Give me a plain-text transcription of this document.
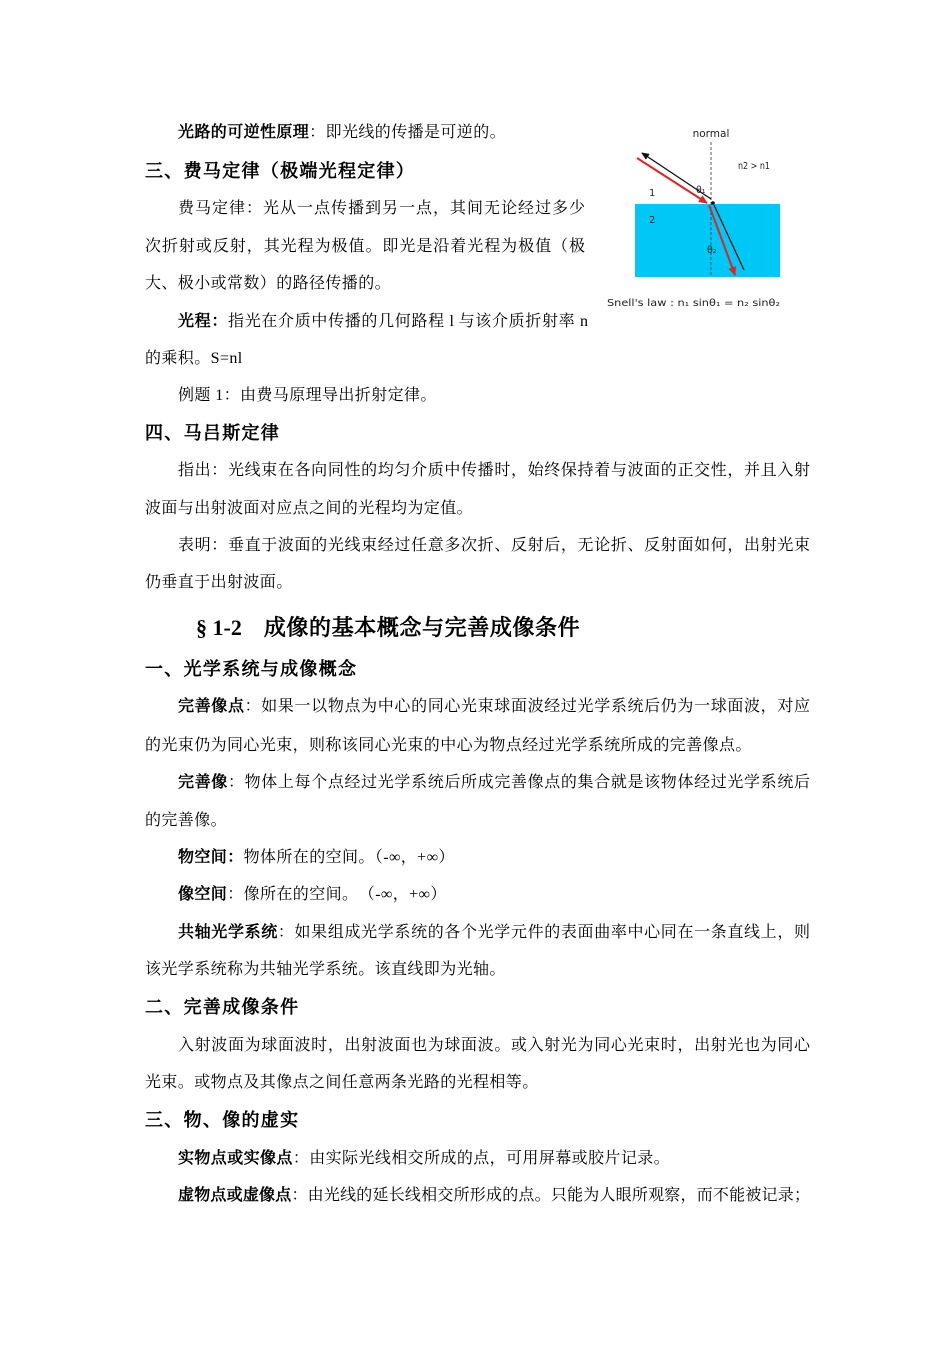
光路的可逆性原理：即光线的传播是可逆的。
三、费马定律（极端光程定律）
费马定律：光从一点传播到另一点，其间无论经过多少
次折射或反射，其光程为极值。即光是沿着光程为极值（极
大、极小或常数）的路径传播的。
光程：指光在介质中传播的几何路程 l 与该介质折射率 n
的乘积。S=nl
例题 1：由费马原理导出折射定律。
四、马吕斯定律
指出：光线束在各向同性的均匀介质中传播时，始终保持着与波面的正交性，并且入射
波面与出射波面对应点之间的光程均为定值。
表明：垂直于波面的光线束经过任意多次折、反射后，无论折、反射面如何，出射光束
仍垂直于出射波面。
§ 1-2 成像的基本概念与完善成像条件
一、光学系统与成像概念
完善像点：如果一以物点为中心的同心光束球面波经过光学系统后仍为一球面波，对应
的光束仍为同心光束，则称该同心光束的中心为物点经过光学系统所成的完善像点。
完善像：物体上每个点经过光学系统后所成完善像点的集合就是该物体经过光学系统后
的完善像。
物空间：物体所在的空间。（-∞，+∞）
像空间：像所在的空间。　（-∞，+∞）
共轴光学系统：如果组成光学系统的各个光学元件的表面曲率中心同在一条直线上，则
该光学系统称为共轴光学系统。该直线即为光轴。
二、完善成像条件
入射波面为球面波时，出射波面也为球面波。或入射光为同心光束时，出射光也为同心
光束。或物点及其像点之间任意两条光路的光程相等。
三、物、像的虚实
实物点或实像点：由实际光线相交所成的点，可用屏幕或胶片记录。
虚物点或虚像点：由光线的延长线相交所形成的点。只能为人眼所观察，而不能被记录；
normal
n2 > n1
1	θ₁
2
θ₂
Snell's law : n₁ sinθ₁ = n₂ sinθ₂
